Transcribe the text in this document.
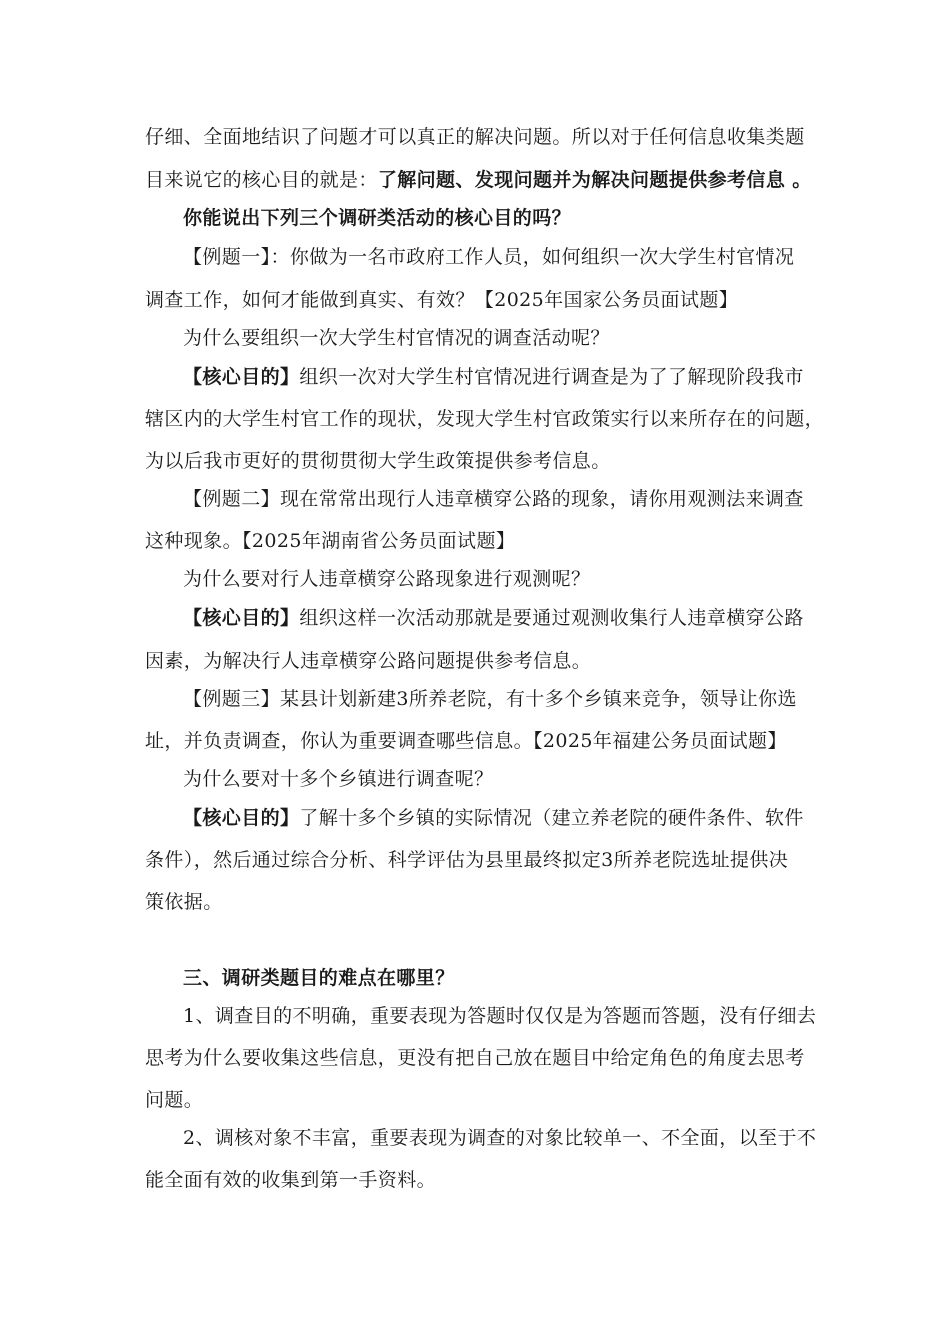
仔细、全面地结识了问题才可以真正的解决问题。所以对于任何信息收集类题
目来说它的核心目的就是：了解问题、发现问题并为解决问题提供参考信息 。
你能说出下列三个调研类活动的核心目的吗？
【例题一】：你做为一名市政府工作人员，如何组织一次大学生村官情况
调查工作，如何才能做到真实、有效？【2025年国家公务员面试题】
为什么要组织一次大学生村官情况的调查活动呢？
【核心目的】组织一次对大学生村官情况进行调查是为了了解现阶段我市
辖区内的大学生村官工作的现状，发现大学生村官政策实行以来所存在的问题，
为以后我市更好的贯彻贯彻大学生政策提供参考信息。
【例题二】现在常常出现行人违章横穿公路的现象，请你用观测法来调查
这种现象。【2025年湖南省公务员面试题】
为什么要对行人违章横穿公路现象进行观测呢？
【核心目的】组织这样一次活动那就是要通过观测收集行人违章横穿公路
因素，为解决行人违章横穿公路问题提供参考信息。
【例题三】某县计划新建3所养老院，有十多个乡镇来竞争，领导让你选
址，并负责调查，你认为重要调查哪些信息。【2025年福建公务员面试题】
为什么要对十多个乡镇进行调查呢？
【核心目的】了解十多个乡镇的实际情况（建立养老院的硬件条件、软件
条件），然后通过综合分析、科学评估为县里最终拟定3所养老院选址提供决
策依据。
三、调研类题目的难点在哪里？
1、调查目的不明确，重要表现为答题时仅仅是为答题而答题，没有仔细去
思考为什么要收集这些信息，更没有把自己放在题目中给定角色的角度去思考
问题。
2、调核对象不丰富，重要表现为调查的对象比较单一、不全面，以至于不
能全面有效的收集到第一手资料。
